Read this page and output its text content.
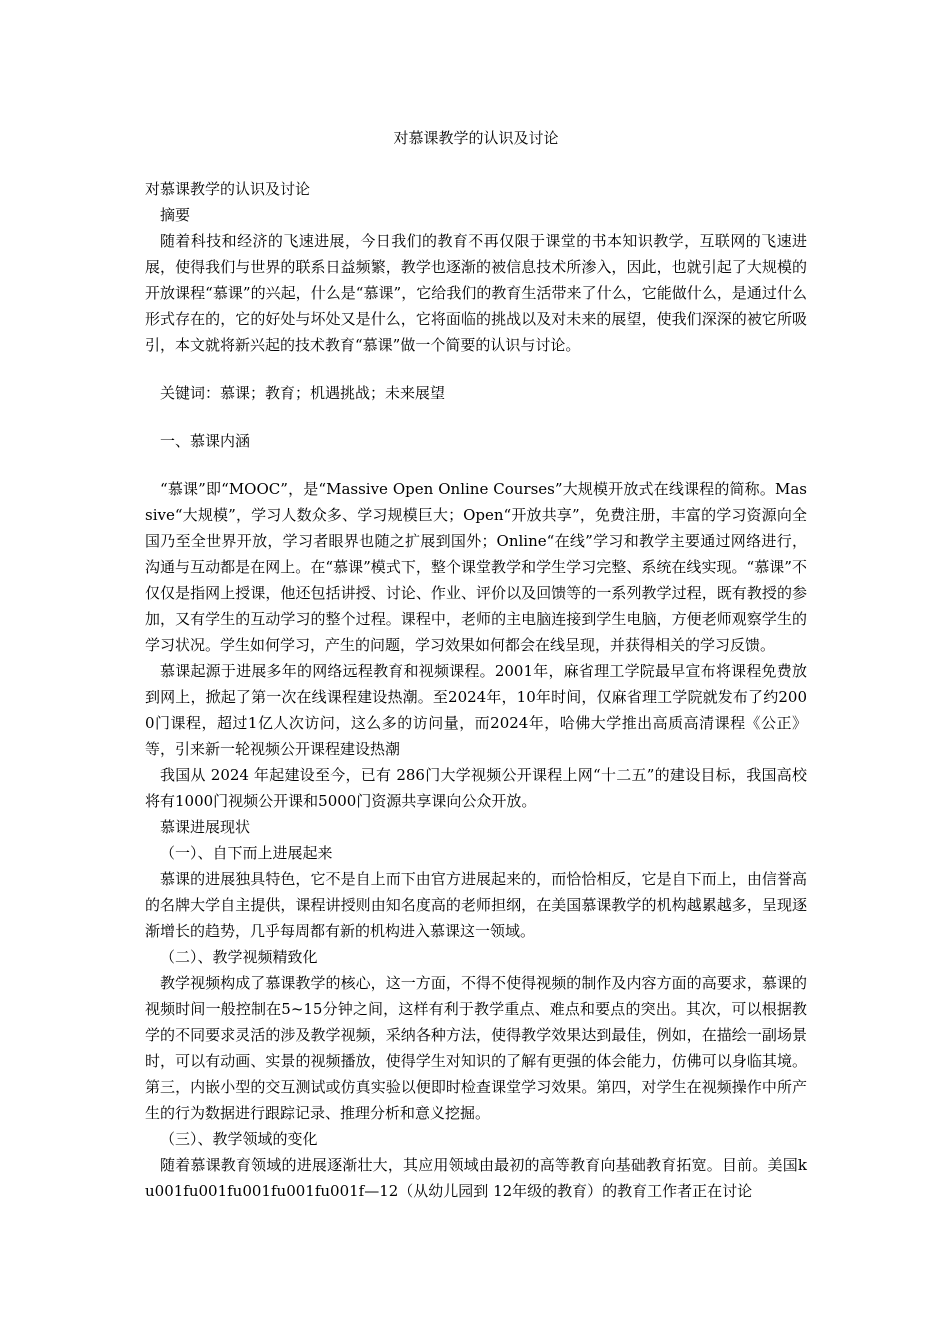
对慕课教学的认识及讨论

对慕课教学的认识及讨论

摘要

随着科技和经济的飞速进展，今日我们的教育不再仅限于课堂的书本知识教学，互联网的飞速进展，使得我们与世界的联系日益频繁，教学也逐渐的被信息技术所渗入，因此，也就引起了大规模的开放课程“慕课”的兴起，什么是“慕课”，它给我们的教育生活带来了什么，它能做什么，是通过什么形式存在的，它的好处与坏处又是什么，它将面临的挑战以及对未来的展望，使我们深深的被它所吸引，本文就将新兴起的技术教育“慕课”做一个简要的认识与讨论。

关键词：慕课；教育；机遇挑战；未来展望

一、慕课内涵

“慕课”即“MOOC”，是“Massive Open Online Courses”大规模开放式在线课程的简称。Massive“大规模”，学习人数众多、学习规模巨大；Open“开放共享”，免费注册，丰富的学习资源向全国乃至全世界开放，学习者眼界也随之扩展到国外；Online“在线”学习和教学主要通过网络进行，沟通与互动都是在网上。在“慕课”模式下，整个课堂教学和学生学习完整、系统在线实现。“慕课”不仅仅是指网上授课，他还包括讲授、讨论、作业、评价以及回馈等的一系列教学过程，既有教授的参加，又有学生的互动学习的整个过程。课程中，老师的主电脑连接到学生电脑，方便老师观察学生的学习状况。学生如何学习，产生的问题，学习效果如何都会在线呈现，并获得相关的学习反馈。

慕课起源于进展多年的网络远程教育和视频课程。2001年，麻省理工学院最早宣布将课程免费放到网上，掀起了第一次在线课程建设热潮。至2024年，10年时间，仅麻省理工学院就发布了约2000门课程，超过1亿人次访问，这么多的访问量，而2024年，哈佛大学推出高质高清课程《公正》等，引来新一轮视频公开课程建设热潮

我国从 2024 年起建设至今，已有 286门大学视频公开课程上网“十二五”的建设目标，我国高校将有1000门视频公开课和5000门资源共享课向公众开放。

慕课进展现状

（一）、自下而上进展起来

慕课的进展独具特色，它不是自上而下由官方进展起来的，而恰恰相反，它是自下而上，由信誉高的名牌大学自主提供，课程讲授则由知名度高的老师担纲，在美国慕课教学的机构越累越多，呈现逐渐增长的趋势，几乎每周都有新的机构进入慕课这一领域。

（二）、教学视频精致化

教学视频构成了慕课教学的核心，这一方面，不得不使得视频的制作及内容方面的高要求，慕课的视频时间一般控制在5~15分钟之间，这样有利于教学重点、难点和要点的突出。其次，可以根据教学的不同要求灵活的涉及教学视频，采纳各种方法，使得教学效果达到最佳，例如，在描绘一副场景时，可以有动画、实景的视频播放，使得学生对知识的了解有更强的体会能力，仿佛可以身临其境。第三，内嵌小型的交互测试或仿真实验以便即时检查课堂学习效果。第四，对学生在视频操作中所产生的行为数据进行跟踪记录、推理分析和意义挖掘。

（三）、教学领域的变化

随着慕课教育领域的进展逐渐壮大，其应用领域由最初的高等教育向基础教育拓宽。目前。美国ku001fu001fu001fu001fu001f—12（从幼儿园到 12年级的教育）的教育工作者正在讨论
